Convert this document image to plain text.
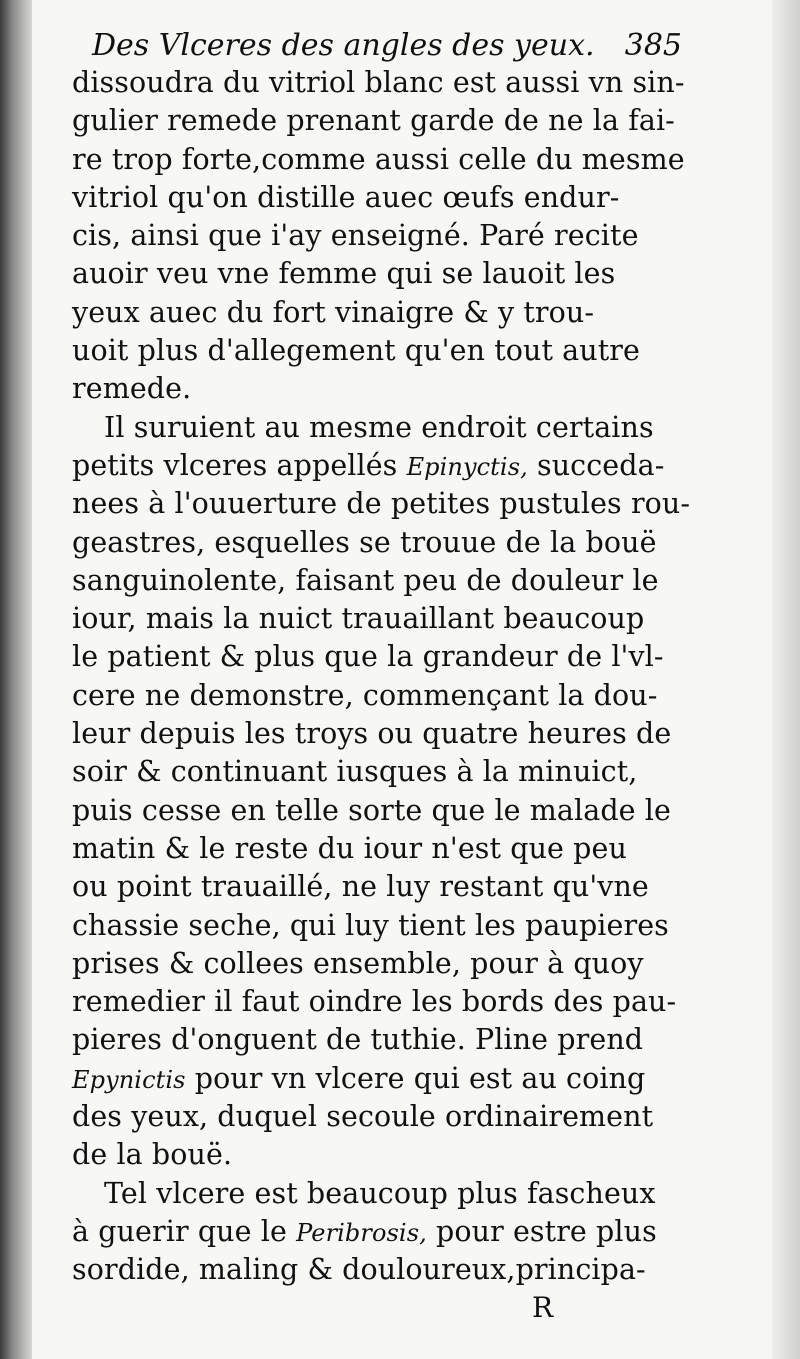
Des Vlceres des angles des yeux. 385
dissoudra du vitriol blanc est aussi vn sin-
gulier remede prenant garde de ne la fai-
re trop forte,comme aussi celle du mesme
vitriol qu'on distille auec œufs endur-
cis, ainsi que i'ay enseigné. Paré recite
auoir veu vne femme qui se lauoit les
yeux auec du fort vinaigre & y trou-
uoit plus d'allegement qu'en tout autre
remede.
Il suruient au mesme endroit certains
petits vlceres appellés Epinyctis, succeda-
nees à l'ouuerture de petites pustules rou-
geastres, esquelles se trouue de la bouë
sanguinolente, faisant peu de douleur le
iour, mais la nuict trauaillant beaucoup
le patient & plus que la grandeur de l'vl-
cere ne demonstre, commençant la dou-
leur depuis les troys ou quatre heures de
soir & continuant iusques à la minuict,
puis cesse en telle sorte que le malade le
matin & le reste du iour n'est que peu
ou point trauaillé, ne luy restant qu'vne
chassie seche, qui luy tient les paupieres
prises & collees ensemble, pour à quoy
remedier il faut oindre les bords des pau-
pieres d'onguent de tuthie. Pline prend
Epynictis pour vn vlcere qui est au coing
des yeux, duquel secoule ordinairement
de la bouë.
Tel vlcere est beaucoup plus fascheux
à guerir que le Peribrosis, pour estre plus
sordide, maling & douloureux,principa-
R
